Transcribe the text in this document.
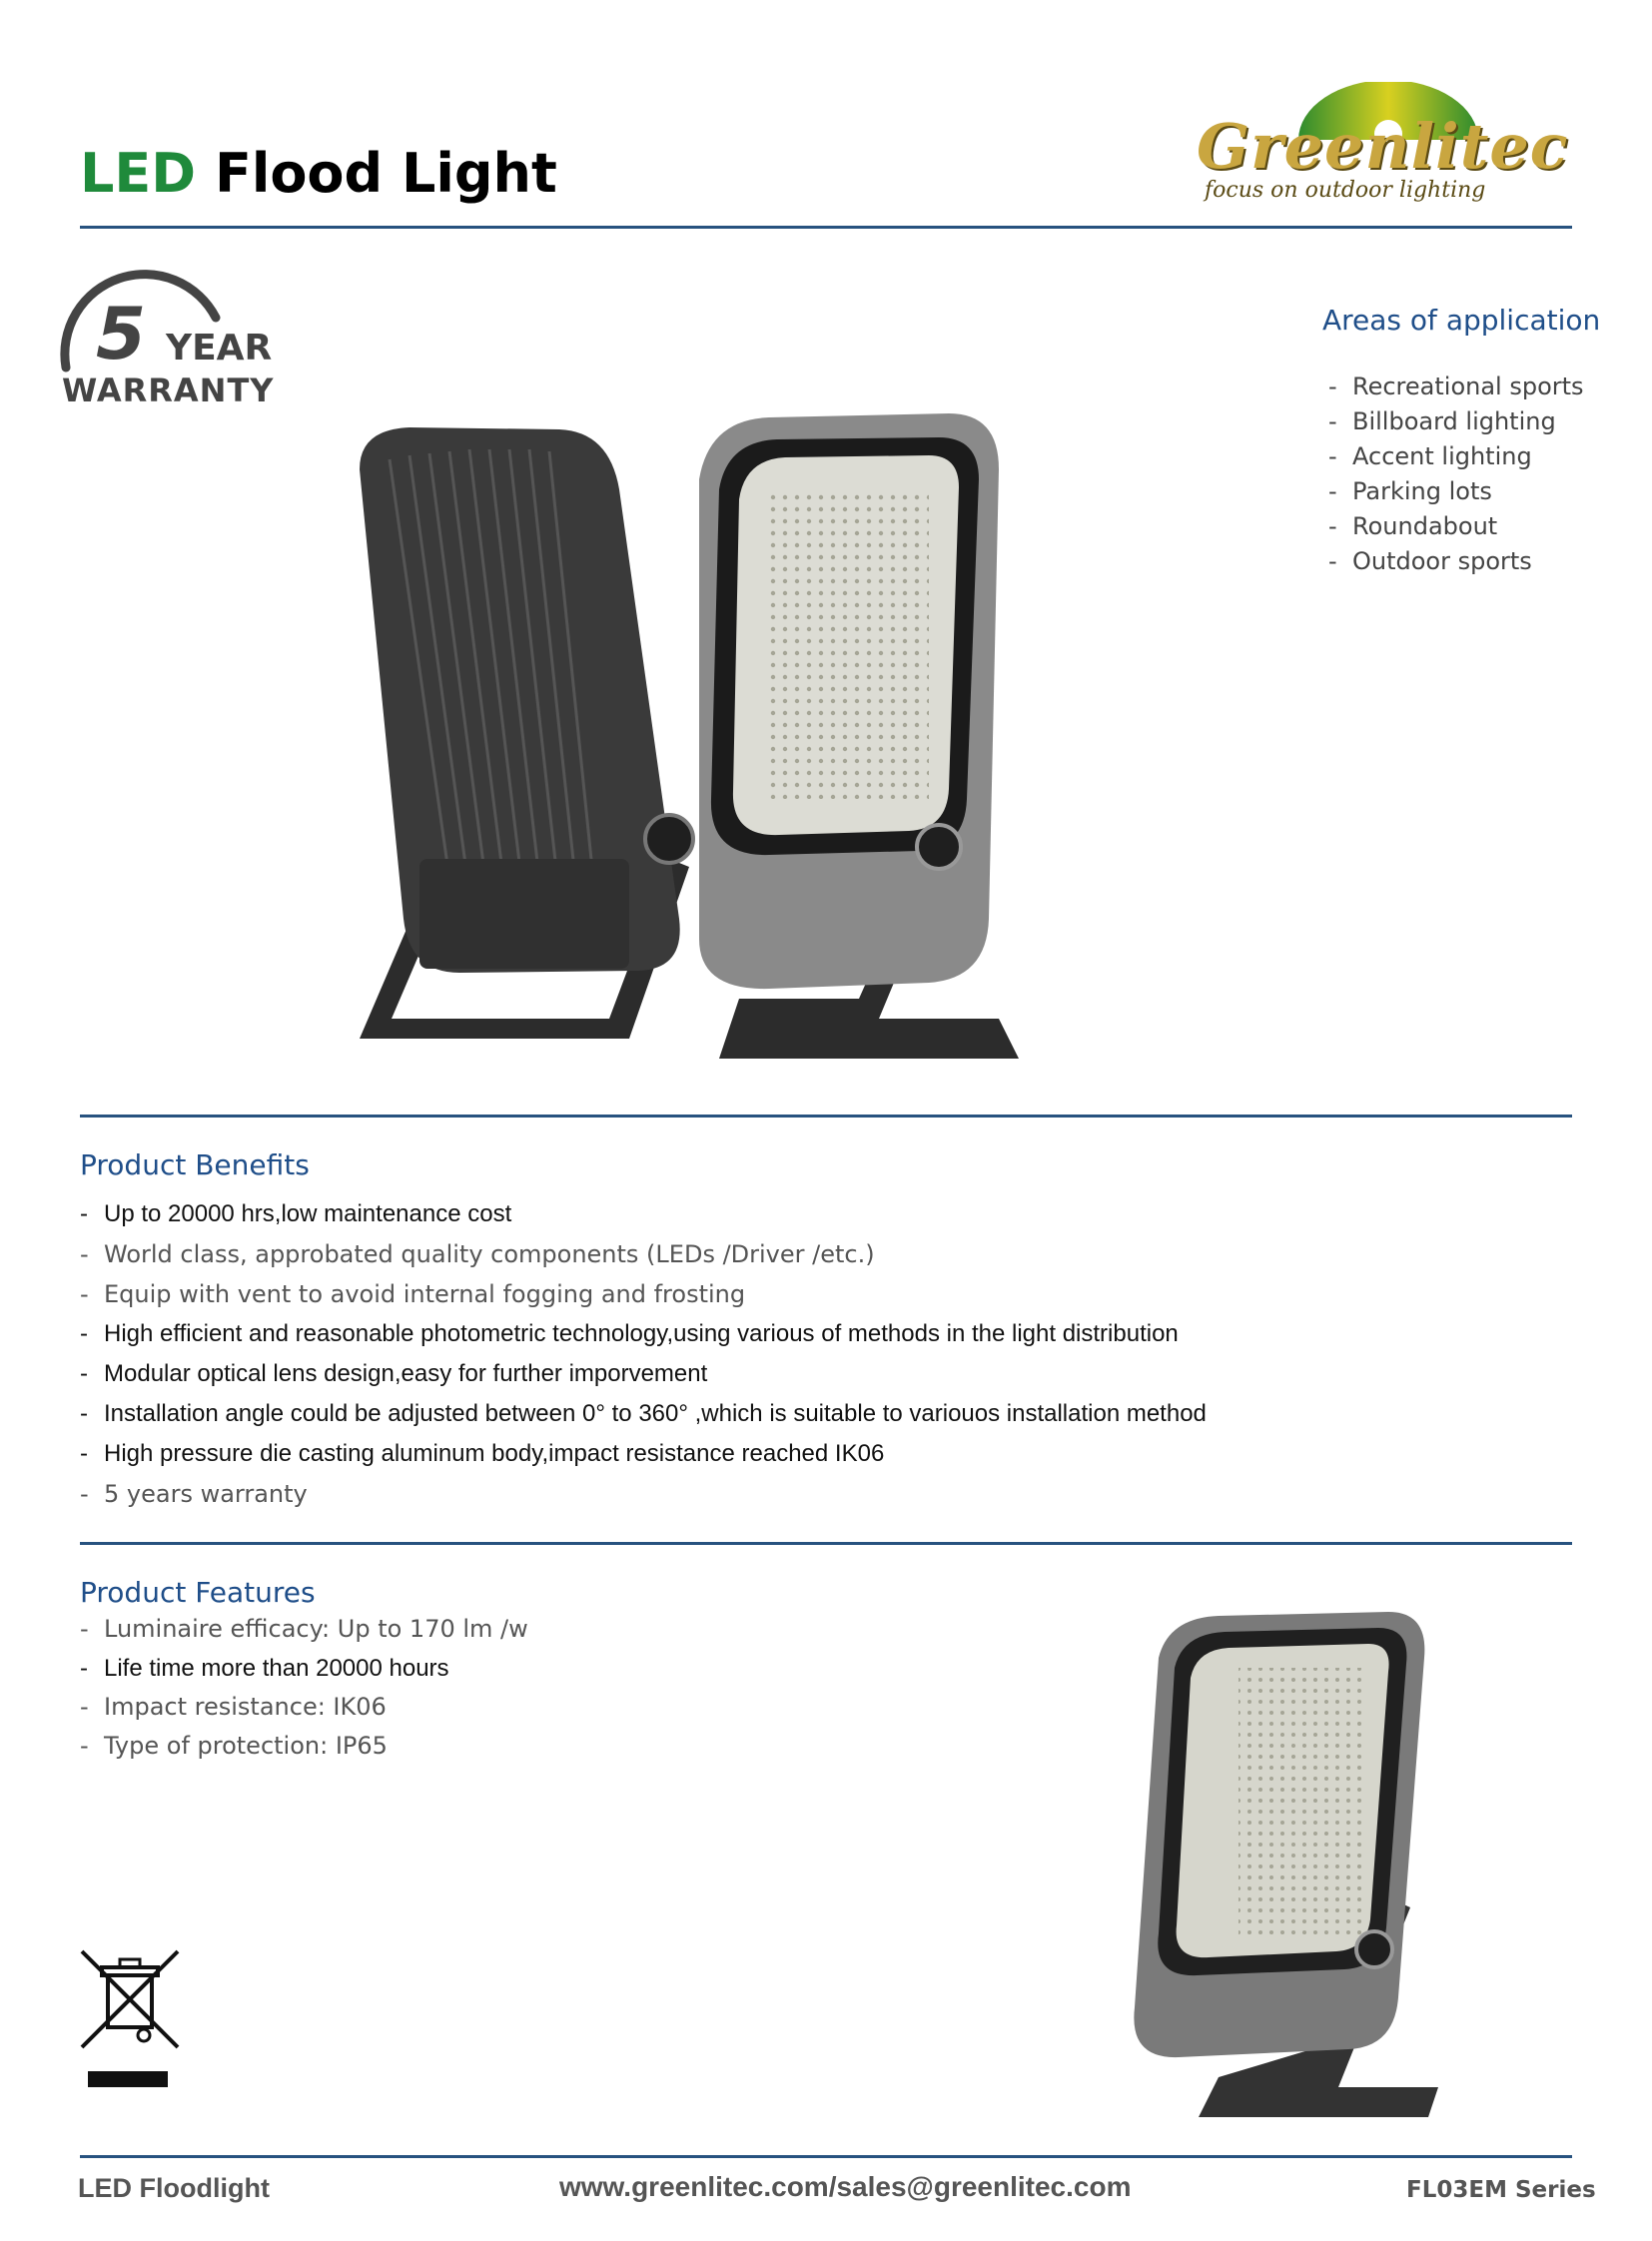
LED Flood Light	Greenlitec
focus on outdoor lighting
5 YEAR
WARRANTY
Areas of application
- Recreational sports
- Billboard lighting
- Accent lighting
- Parking lots
- Roundabout
- Outdoor sports
Product Benefits
- Up to 20000 hrs,low maintenance cost
- World class, approbated quality components (LEDs /Driver /etc.)
- Equip with vent to avoid internal fogging and frosting
- High efficient and reasonable photometric technology,using various of methods in the light distribution
- Modular optical lens design,easy for further imporvement
- Installation angle could be adjusted between 0° to 360° ,which is suitable to variouos installation method
- High pressure die casting aluminum body,impact resistance reached IK06
- 5 years warranty
Product Features
- Luminaire efficacy: Up to 170 lm /w
- Life time more than 20000 hours
- Impact resistance: IK06
- Type of protection: IP65
LED Floodlight	www.greenlitec.com/sales@greenlitec.com	FL03EM Series
